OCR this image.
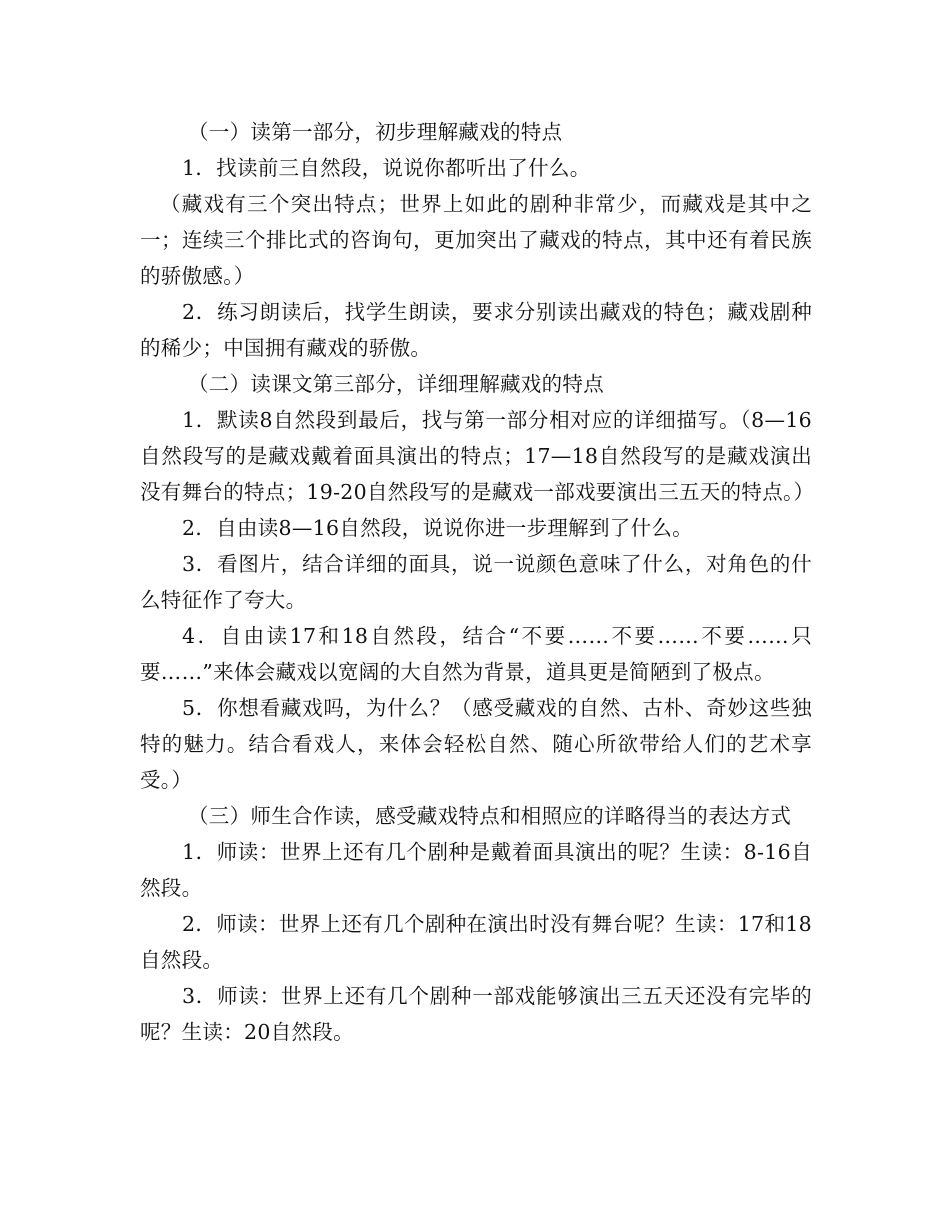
（一）读第一部分，初步理解藏戏的特点

1．找读前三自然段，说说你都听出了什么。

（藏戏有三个突出特点；世界上如此的剧种非常少，而藏戏是其中之一；连续三个排比式的咨询句，更加突出了藏戏的特点，其中还有着民族的骄傲感。）

2．练习朗读后，找学生朗读，要求分别读出藏戏的特色；藏戏剧种的稀少；中国拥有藏戏的骄傲。

（二）读课文第三部分，详细理解藏戏的特点

1．默读8自然段到最后，找与第一部分相对应的详细描写。（8—16自然段写的是藏戏戴着面具演出的特点；17—18自然段写的是藏戏演出没有舞台的特点；19-20自然段写的是藏戏一部戏要演出三五天的特点。）

2．自由读8—16自然段，说说你进一步理解到了什么。

3．看图片，结合详细的面具，说一说颜色意味了什么，对角色的什么特征作了夸大。

4．自由读17和18自然段，结合“不要……不要……不要……只要……”来体会藏戏以宽阔的大自然为背景，道具更是简陋到了极点。

5．你想看藏戏吗，为什么？（感受藏戏的自然、古朴、奇妙这些独特的魅力。结合看戏人，来体会轻松自然、随心所欲带给人们的艺术享受。）

（三）师生合作读，感受藏戏特点和相照应的详略得当的表达方式

1．师读：世界上还有几个剧种是戴着面具演出的呢？生读：8-16自然段。

2．师读：世界上还有几个剧种在演出时没有舞台呢？生读：17和18自然段。

3．师读：世界上还有几个剧种一部戏能够演出三五天还没有完毕的呢？生读：20自然段。
